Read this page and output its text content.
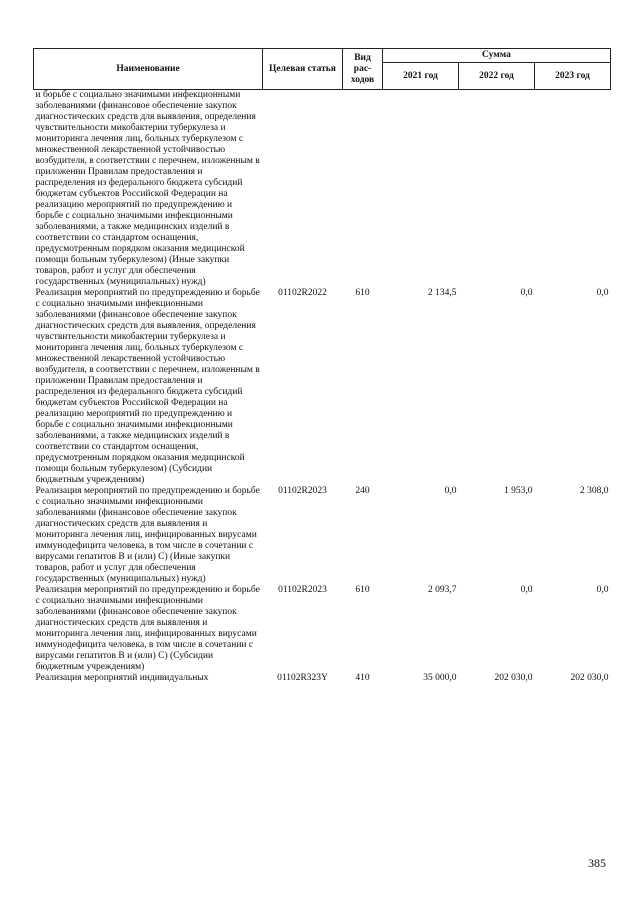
Наименование	Целевая статья	Вид рас-ходов	Сумма		
			2021 год	2022 год	2023 год
и борьбе с социально значимыми инфекционными заболеваниями (финансовое обеспечение закупок диагностических средств для выявления, определения чувствительности микобактерии туберкулеза и мониторинга лечения лиц, больных туберкулезом с множественной лекарственной устойчивостью возбудителя, в соответствии с перечнем, изложенным в приложении Правилам предоставления и распределения из федерального бюджета субсидий бюджетам субъектов Российской Федерации на реализацию мероприятий по предупреждению и борьбе с социально значимыми инфекционными заболеваниями, а также медицинских изделий в соответствии со стандартом оснащения, предусмотренным порядком оказания медицинской помощи больным туберкулезом) (Иные закупки товаров, работ и услуг для обеспечения государственных (муниципальных) нужд)					
Реализация мероприятий по предупреждению и борьбе с социально значимыми инфекционными заболеваниями (финансовое обеспечение закупок диагностических средств для выявления, определения чувствительности микобактерии туберкулеза и мониторинга лечения лиц, больных туберкулезом с множественной лекарственной устойчивостью возбудителя, в соответствии с перечнем, изложенным в приложении Правилам предоставления и распределения из федерального бюджета субсидий бюджетам субъектов Российской Федерации на реализацию мероприятий по предупреждению и борьбе с социально значимыми инфекционными заболеваниями, а также медицинских изделий в соответствии со стандартом оснащения, предусмотренным порядком оказания медицинской помощи больным туберкулезом) (Субсидии бюджетным учреждениям)	01102R2022	610	2 134,5	0,0	0,0
Реализация мероприятий по предупреждению и борьбе с социально значимыми инфекционными заболеваниями (финансовое обеспечение закупок диагностических средств для выявления и мониторинга лечения лиц, инфицированных вирусами иммунодефицита человека, в том числе в сочетании с вирусами гепатитов В и (или) С) (Иные закупки товаров, работ и услуг для обеспечения государственных (муниципальных) нужд)	01102R2023	240	0,0	1 953,0	2 308,0
Реализация мероприятий по предупреждению и борьбе с социально значимыми инфекционными заболеваниями (финансовое обеспечение закупок диагностических средств для выявления и мониторинга лечения лиц, инфицированных вирусами иммунодефицита человека, в том числе в сочетании с вирусами гепатитов В и (или) С) (Субсидии бюджетным учреждениям)	01102R2023	610	2 093,7	0,0	0,0
Реализация мероприятий индивидуальных	01102R323Y	410	35 000,0	202 030,0	202 030,0
385
